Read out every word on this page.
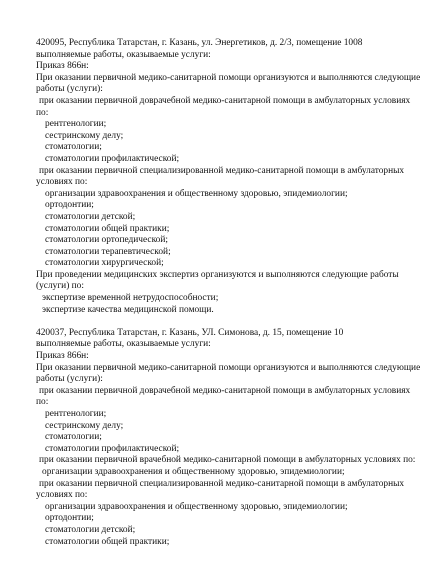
420095, Республика Татарстан, г. Казань, ул. Энергетиков, д. 2/3, помещение 1008
выполняемые работы, оказываемые услуги:
Приказ 866н:
При оказании первичной медико-санитарной помощи организуются и выполняются следующие
работы (услуги):
при оказании первичной доврачебной медико-санитарной помощи в амбулаторных условиях
по:
рентгенологии;
сестринскому делу;
стоматологии;
стоматологии профилактической;
при оказании первичной специализированной медико-санитарной помощи в амбулаторных
условиях по:
организации здравоохранения и общественному здоровью, эпидемиологии;
ортодонтии;
стоматологии детской;
стоматологии общей практики;
стоматологии ортопедической;
стоматологии терапевтической;
стоматологии хирургической;
При проведении медицинских экспертиз организуются и выполняются следующие работы
(услуги) по:
экспертизе временной нетрудоспособности;
экспертизе качества медицинской помощи.
420037, Республика Татарстан, г. Казань, УЛ. Симонова, д. 15, помещение 10
выполняемые работы, оказываемые услуги:
Приказ 866н:
При оказании первичной медико-санитарной помощи организуются и выполняются следующие
работы (услуги):
при оказании первичной доврачебной медико-санитарной помощи в амбулаторных условиях
по:
рентгенологии;
сестринскому делу;
стоматологии;
стоматологии профилактической;
при оказании первичной врачебной медико-санитарной помощи в амбулаторных условиях по:
организации здравоохранения и общественному здоровью, эпидемиологии;
при оказании первичной специализированной медико-санитарной помощи в амбулаторных
условиях по:
организации здравоохранения и общественному здоровью, эпидемиологии;
ортодонтии;
стоматологии детской;
стоматологии общей практики;
